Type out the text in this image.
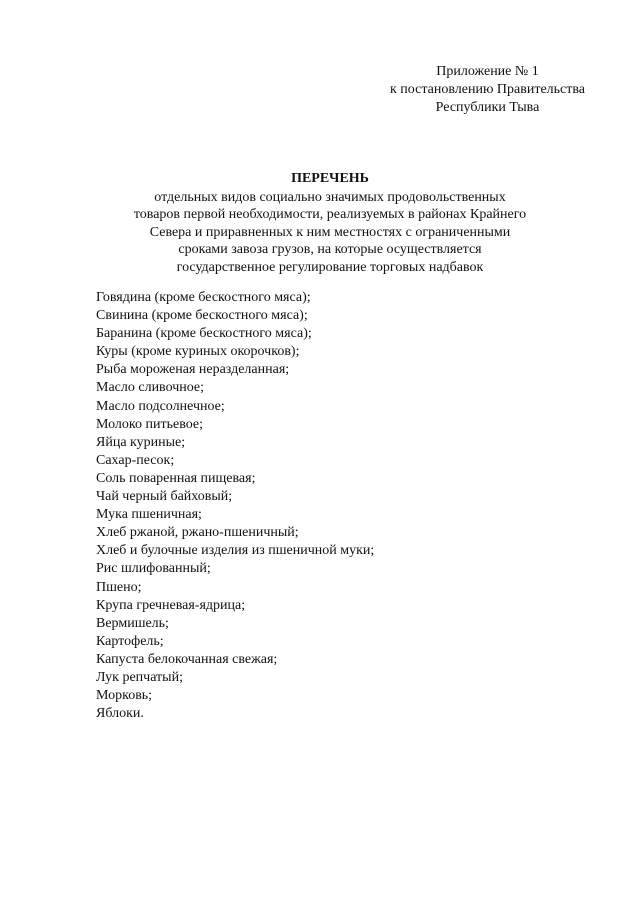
Приложение № 1
к постановлению Правительства
Республики Тыва
ПЕРЕЧЕНЬ
отдельных видов социально значимых продовольственных
товаров первой необходимости, реализуемых в районах Крайнего
Севера и приравненных к ним местностях с ограниченными
сроками завоза грузов, на которые осуществляется
государственное регулирование торговых надбавок
Говядина (кроме бескостного мяса);
Свинина (кроме бескостного мяса);
Баранина (кроме бескостного мяса);
Куры (кроме куриных окорочков);
Рыба мороженая неразделанная;
Масло сливочное;
Масло подсолнечное;
Молоко питьевое;
Яйца куриные;
Сахар-песок;
Соль поваренная пищевая;
Чай черный байховый;
Мука пшеничная;
Хлеб ржаной, ржано-пшеничный;
Хлеб и булочные изделия из пшеничной муки;
Рис шлифованный;
Пшено;
Крупа гречневая-ядрица;
Вермишель;
Картофель;
Капуста белокочанная свежая;
Лук репчатый;
Морковь;
Яблоки.
